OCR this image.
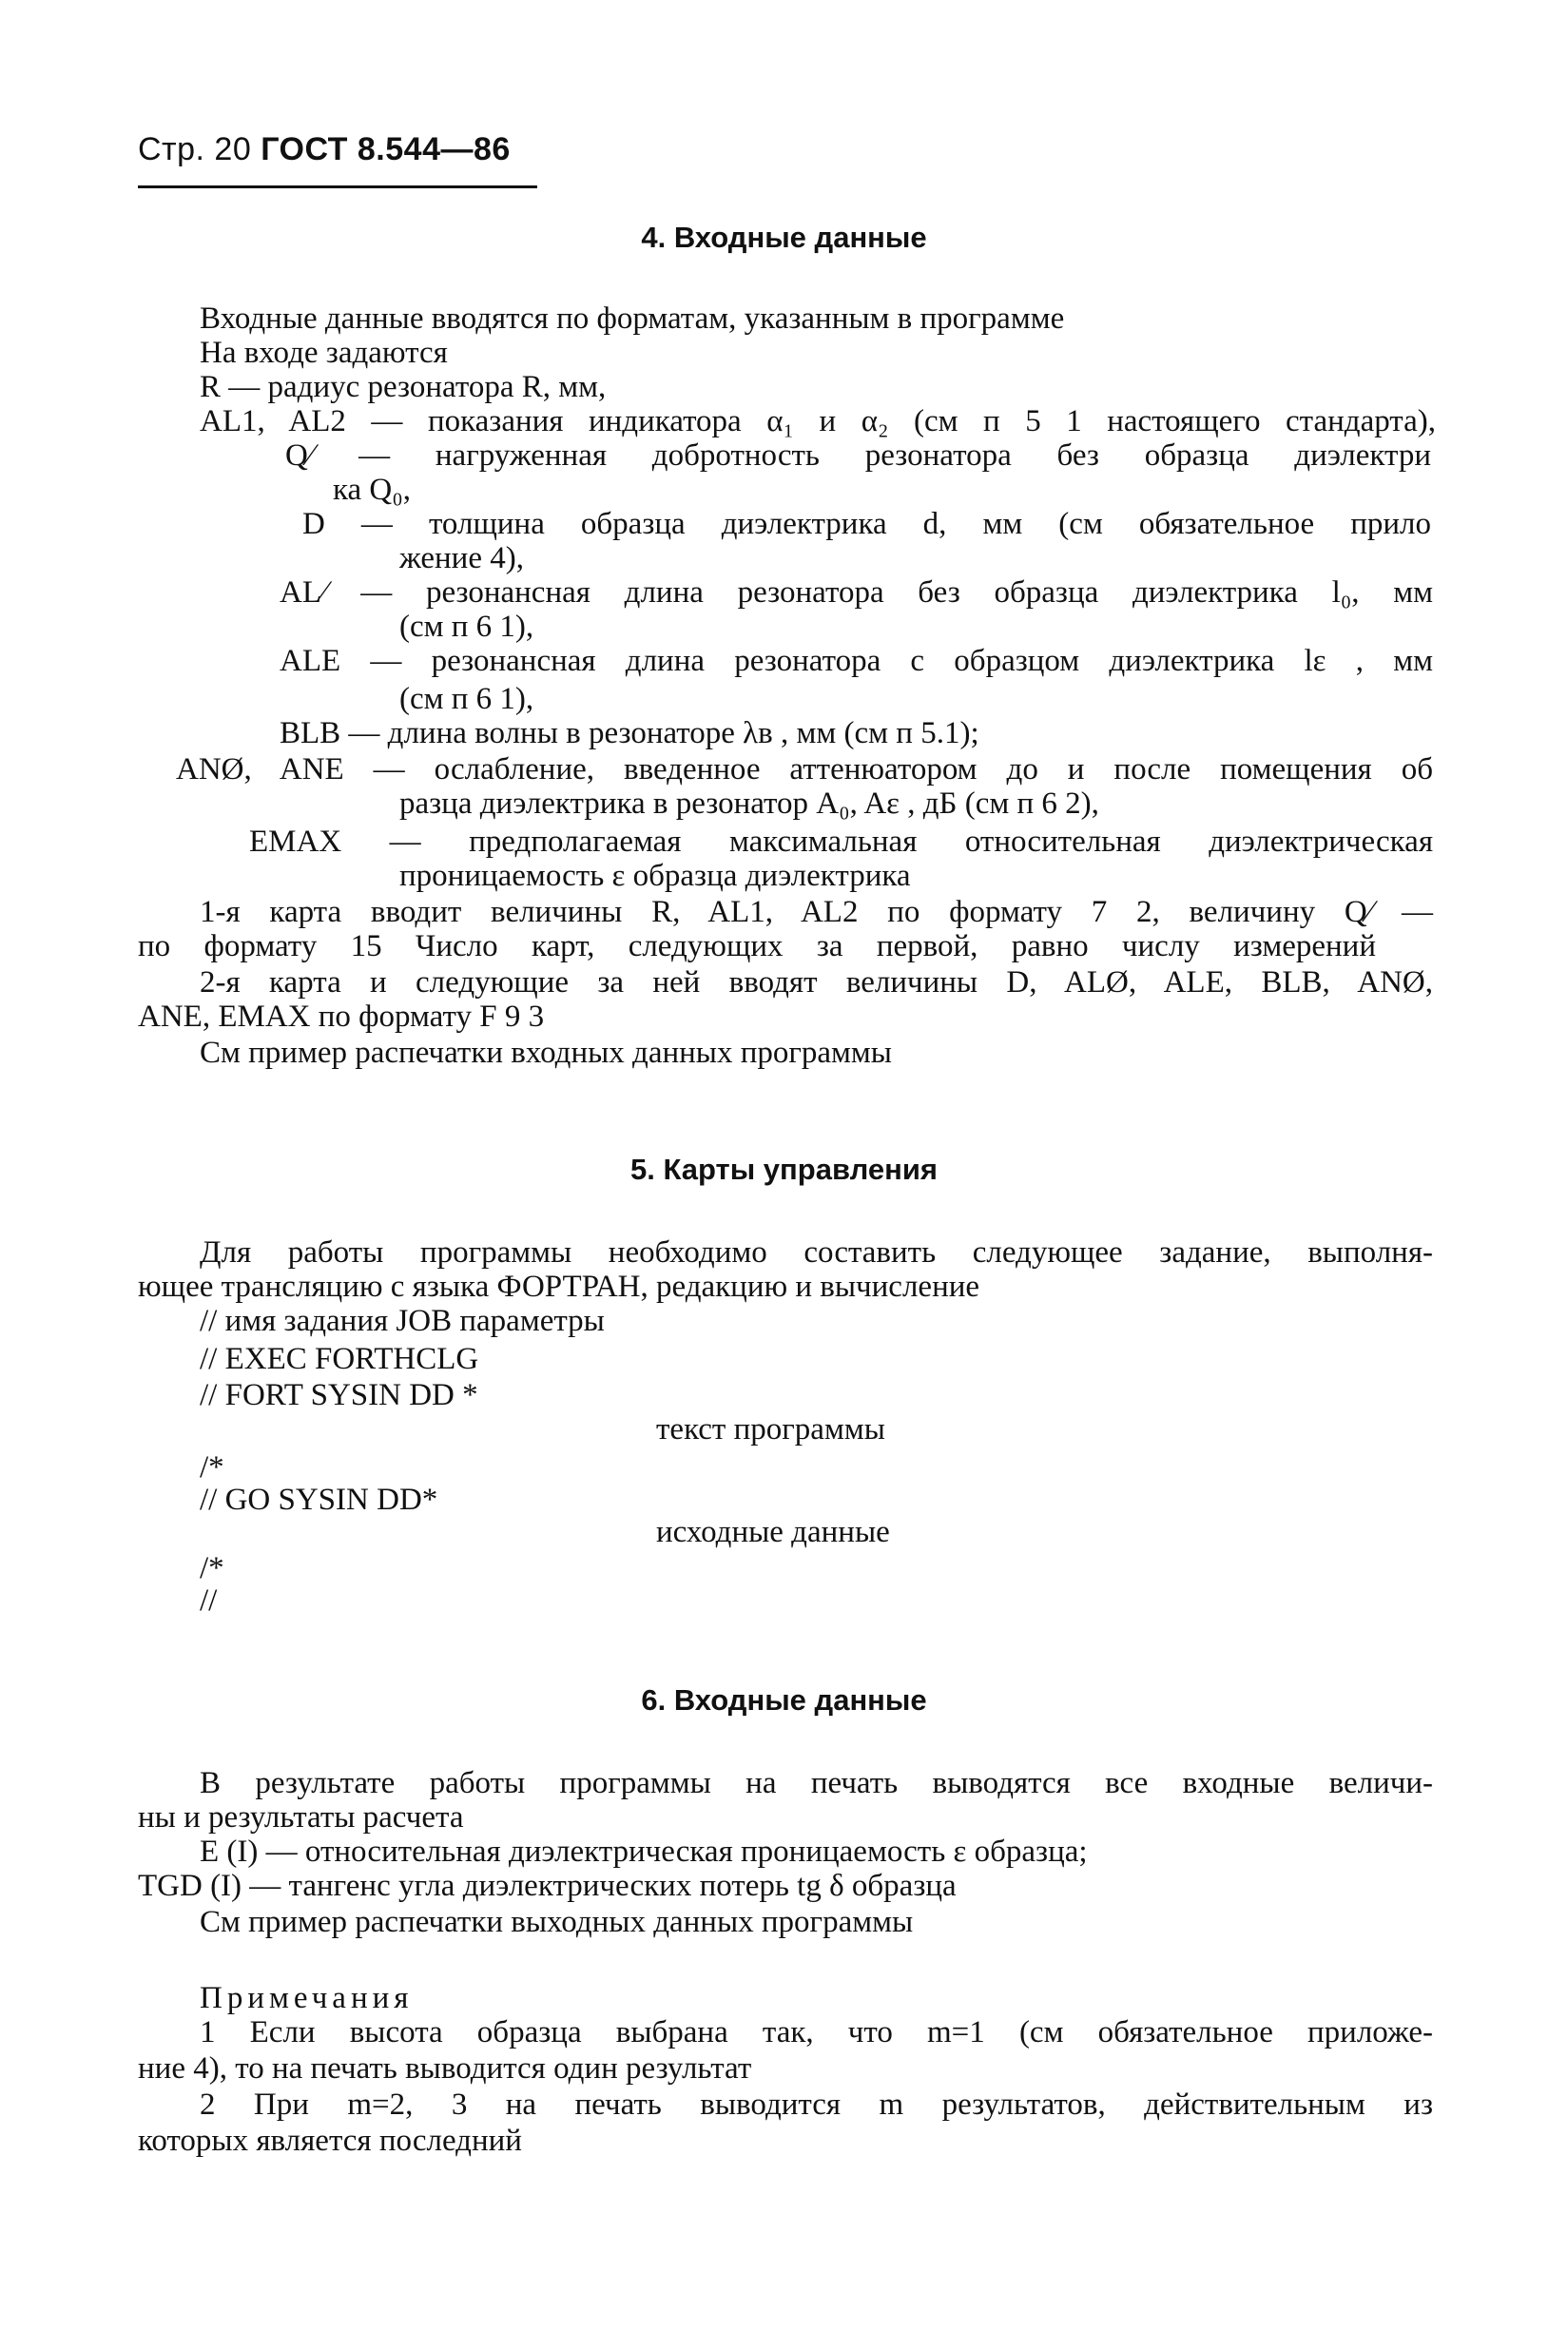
Стр. 20 ГОСТ 8.544—86
4. Входные данные
Входные данные вводятся по форматам, указанным в программе
На входе задаются
R — радиус резонатора R, мм,
AL1, AL2 — показания индикатора α₁ и α₂ (см п 5 1 настоящего стандарта),
Q∕ — нагруженная добротность резонатора без образца диэлектри
ка Q₀,
D — толщина образца диэлектрика d, мм (см обязательное прило
жение 4),
AL∕ — резонансная длина резонатора без образца диэлектрика l₀, мм
(см п 6 1),
ALE — резонансная длина резонатора с образцом диэлектрика lε , мм
(см п 6 1),
BLB — длина волны в резонаторе λв , мм (см п 5.1);
ANØ, ANE — ослабление, введенное аттенюатором до и после помещения об
разца диэлектрика в резонатор A₀, Aε , дБ (см п 6 2),
EMAX — предполагаемая максимальная относительная диэлектрическая
проницаемость ε образца диэлектрика
1-я карта вводит величины R, AL1, AL2 по формату 7 2, величину Q∕ —
по формату 15 Число карт, следующих за первой, равно числу измерений
2-я карта и следующие за ней вводят величины D, ALØ, ALE, BLB, ANØ,
ANE, EMAX по формату F 9 3
См пример распечатки входных данных программы
5. Карты управления
Для работы программы необходимо составить следующее задание, выполня-
ющее трансляцию с языка ФОРТРАН, редакцию и вычисление
// имя задания JOB параметры
// EXEC FORTHCLG
// FORT SYSIN DD *
текст программы
/*
// GO SYSIN DD*
исходные данные
/*
//
6. Входные данные
В результате работы программы на печать выводятся все входные величи-
ны и результаты расчета
E (I) — относительная диэлектрическая проницаемость ε образца;
TGD (I) — тангенс угла диэлектрических потерь tg δ образца
См пример распечатки выходных данных программы
Примечания
1 Если высота образца выбрана так, что m=1 (см обязательное приложе-
ние 4), то на печать выводится один результат
2 При m=2, 3 на печать выводится m результатов, действительным из
которых является последний
